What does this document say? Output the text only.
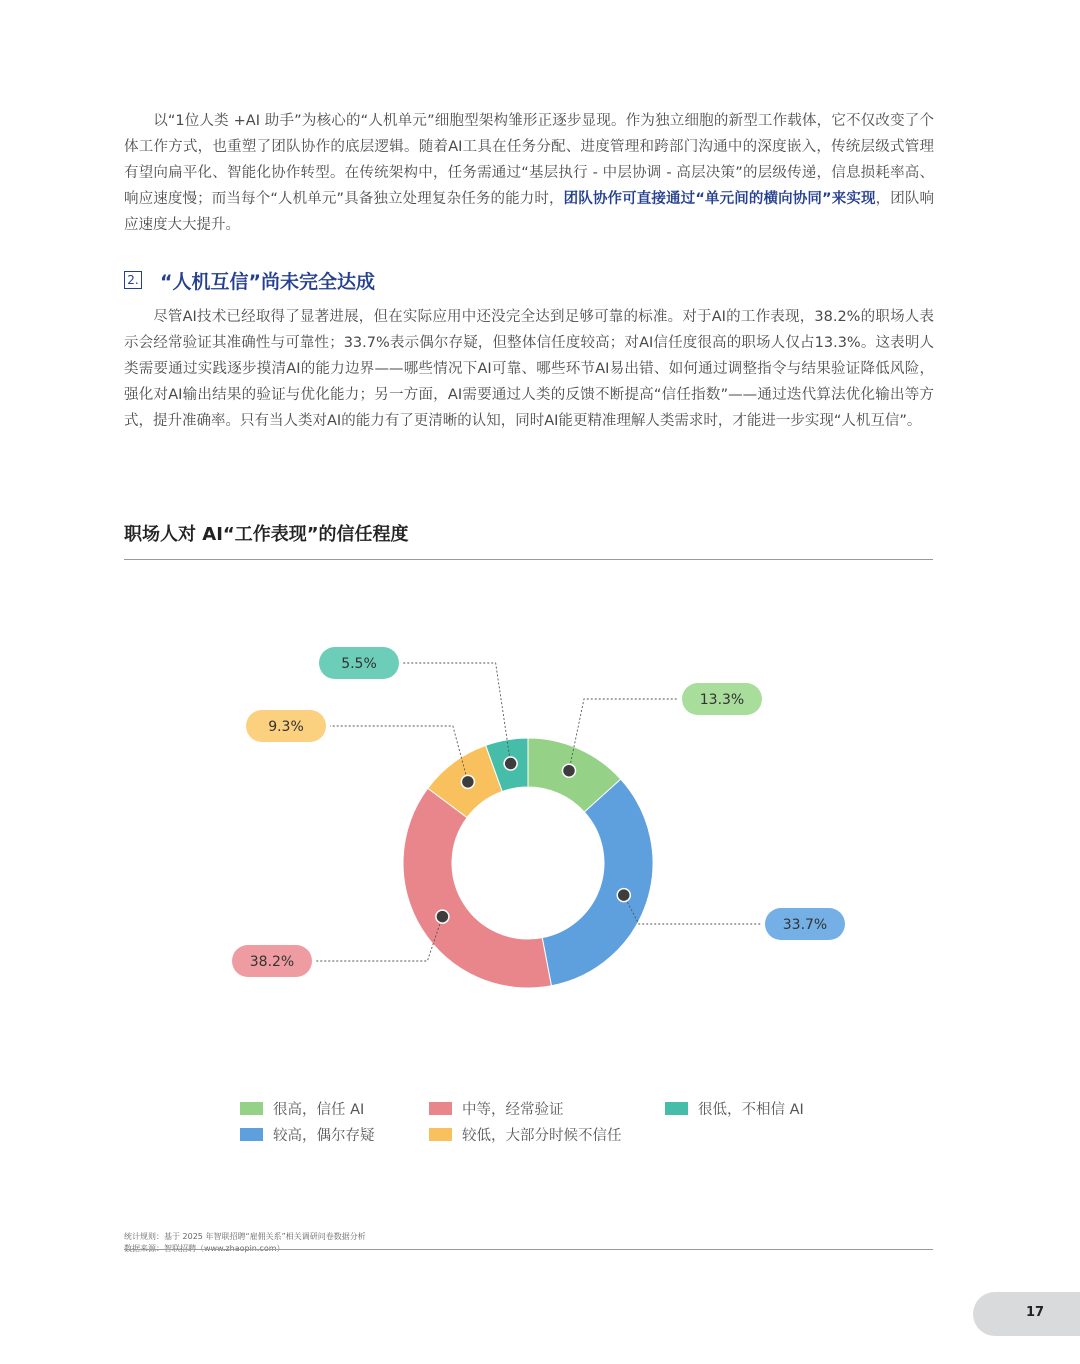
以“1位人类 +AI 助手”为核心的“人机单元”细胞型架构雏形正逐步显现。作为独立细胞的新型工作载体，它不仅改变了个体工作方式，也重塑了团队协作的底层逻辑。随着AI工具在任务分配、进度管理和跨部门沟通中的深度嵌入，传统层级式管理有望向扁平化、智能化协作转型。在传统架构中，任务需通过“基层执行 - 中层协调 - 高层决策”的层级传递，信息损耗率高、响应速度慢；而当每个“人机单元”具备独立处理复杂任务的能力时，团队协作可直接通过“单元间的横向协同”来实现，团队响应速度大大提升。

2. “人机互信”尚未完全达成

尽管AI技术已经取得了显著进展，但在实际应用中还没完全达到足够可靠的标准。对于AI的工作表现，38.2%的职场人表示会经常验证其准确性与可靠性；33.7%表示偶尔存疑，但整体信任度较高；对AI信任度很高的职场人仅占13.3%。这表明人类需要通过实践逐步摸清AI的能力边界——哪些情况下AI可靠、哪些环节AI易出错、如何通过调整指令与结果验证降低风险，强化对AI输出结果的验证与优化能力；另一方面，AI需要通过人类的反馈不断提高“信任指数”——通过迭代算法优化输出等方式，提升准确率。只有当人类对AI的能力有了更清晰的认知，同时AI能更精准理解人类需求时，才能进一步实现“人机互信”。

职场人对 AI“工作表现”的信任程度
13.3%
33.7%
38.2%
9.3%
5.5%
很高，信任 AI	中等，经常验证	很低，不相信 AI
较高，偶尔存疑	较低，大部分时候不信任
统计规则：基于 2025 年智联招聘“雇佣关系”相关调研问卷数据分析
17
